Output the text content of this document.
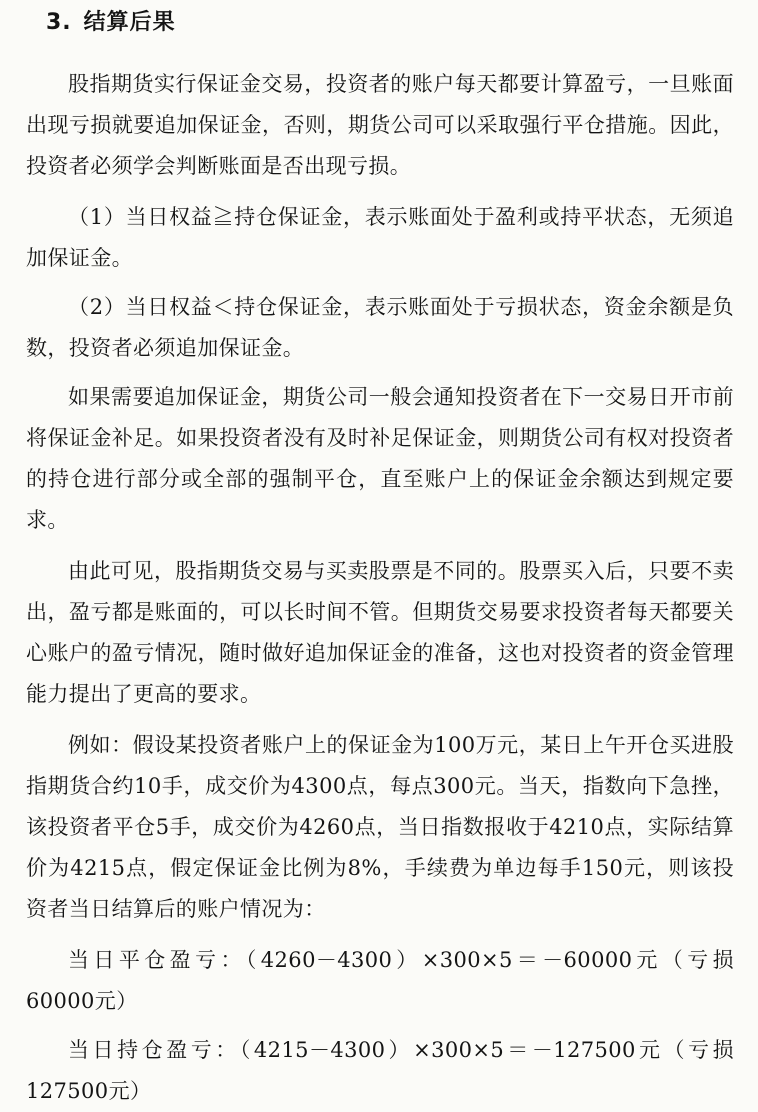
3. 结算后果

股指期货实行保证金交易，投资者的账户每天都要计算盈亏，一旦账面出现亏损就要追加保证金，否则，期货公司可以采取强行平仓措施。因此，投资者必须学会判断账面是否出现亏损。

（1）当日权益≧持仓保证金，表示账面处于盈利或持平状态，无须追加保证金。

（2）当日权益＜持仓保证金，表示账面处于亏损状态，资金余额是负数，投资者必须追加保证金。

如果需要追加保证金，期货公司一般会通知投资者在下一交易日开市前将保证金补足。如果投资者没有及时补足保证金，则期货公司有权对投资者的持仓进行部分或全部的强制平仓，直至账户上的保证金余额达到规定要求。

由此可见，股指期货交易与买卖股票是不同的。股票买入后，只要不卖出，盈亏都是账面的，可以长时间不管。但期货交易要求投资者每天都要关心账户的盈亏情况，随时做好追加保证金的准备，这也对投资者的资金管理能力提出了更高的要求。

例如：假设某投资者账户上的保证金为100万元，某日上午开仓买进股指期货合约10手，成交价为4300点，每点300元。当天，指数向下急挫，该投资者平仓5手，成交价为4260点，当日指数报收于4210点，实际结算价为4215点，假定保证金比例为8%，手续费为单边每手150元，则该投资者当日结算后的账户情况为：

当日平仓盈亏：（4260－4300）×300×5＝－60000元（亏损60000元）

当日持仓盈亏：（4215－4300）×300×5＝－127500元（亏损127500元）
